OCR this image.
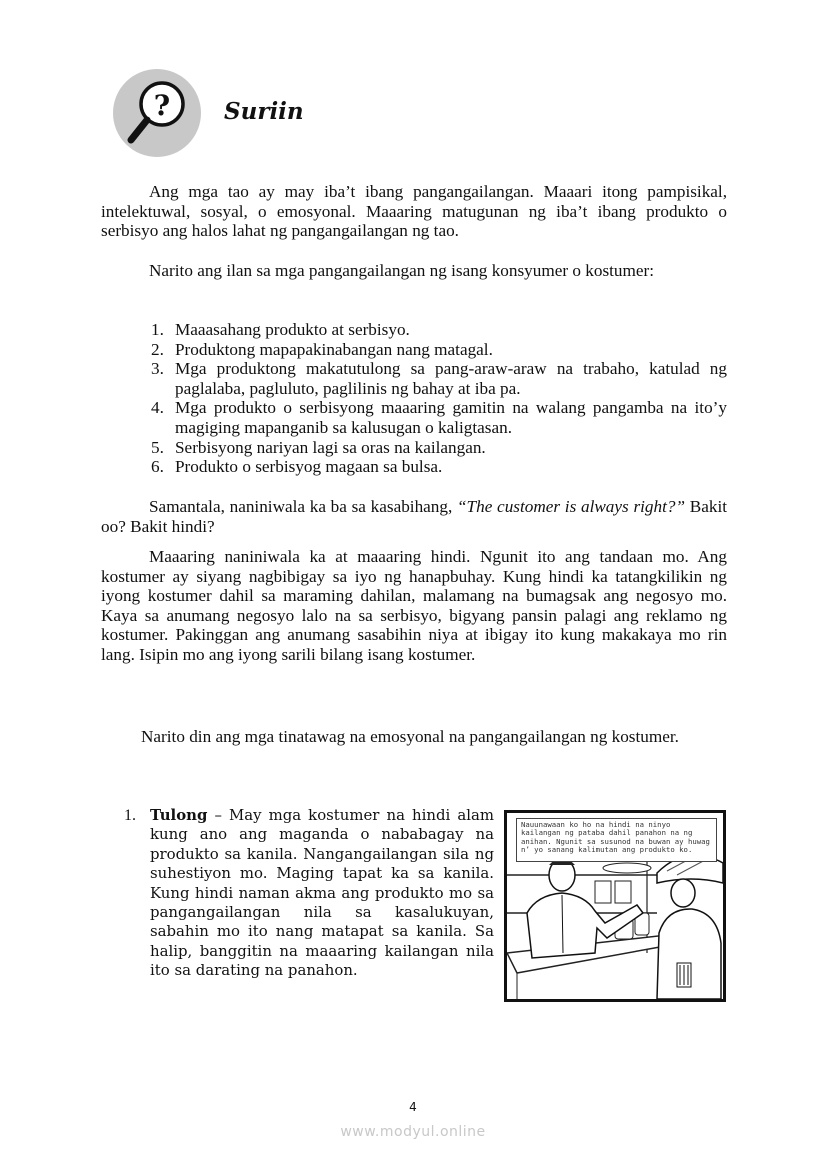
? Suriin
Ang mga tao ay may iba’t ibang pangangailangan. Maaari itong pampisikal, intelektuwal, sosyal, o emosyonal. Maaaring matugunan ng iba’t ibang produkto o serbisyo ang halos lahat ng pangangailangan ng tao.
Narito ang ilan sa mga pangangailangan ng isang konsyumer o kostumer:
1. Maaasahang produkto at serbisyo.
2. Produktong mapapakinabangan nang matagal.
3. Mga produktong makatutulong sa pang-araw-araw na trabaho, katulad ng paglalaba, pagluluto, paglilinis ng bahay at iba pa.
4. Mga produkto o serbisyong maaaring gamitin na walang pangamba na ito’y magiging mapanganib sa kalusugan o kaligtasan.
5. Serbisyong nariyan lagi sa oras na kailangan.
6. Produkto o serbisyog magaan sa bulsa.
Samantala, naniniwala ka ba sa kasabihang, “The customer is always right?” Bakit oo? Bakit hindi?
Maaaring naniniwala ka at maaaring hindi. Ngunit ito ang tandaan mo. Ang kostumer ay siyang nagbibigay sa iyo ng hanapbuhay. Kung hindi ka tatangkilikin ng iyong kostumer dahil sa maraming dahilan, malamang na bumagsak ang negosyo mo. Kaya sa anumang negosyo lalo na sa serbisyo, bigyang pansin palagi ang reklamo ng kostumer. Pakinggan ang anumang sasabihin niya at ibigay ito kung makakaya mo rin lang. Isipin mo ang iyong sarili bilang isang kostumer.
Narito din ang mga tinatawag na emosyonal na pangangailangan ng kostumer.
1. Tulong – May mga kostumer na hindi alam kung ano ang maganda o nababagay na produkto sa kanila. Nangangailangan sila ng suhestiyon mo. Maging tapat ka sa kanila. Kung hindi naman akma ang produkto mo sa pangangailangan nila sa kasalukuyan, sabahin mo ito nang matapat sa kanila. Sa halip, banggitin na maaaring kailangan nila ito sa darating na panahon.
Nauunawaan ko ho na hindi na ninyo kailangan ng pataba dahil panahon na ng anihan. Ngunit sa susunod na buwan ay huwag n’ yo sanang kalimutan ang produkto ko.
4
www.modyul.online
